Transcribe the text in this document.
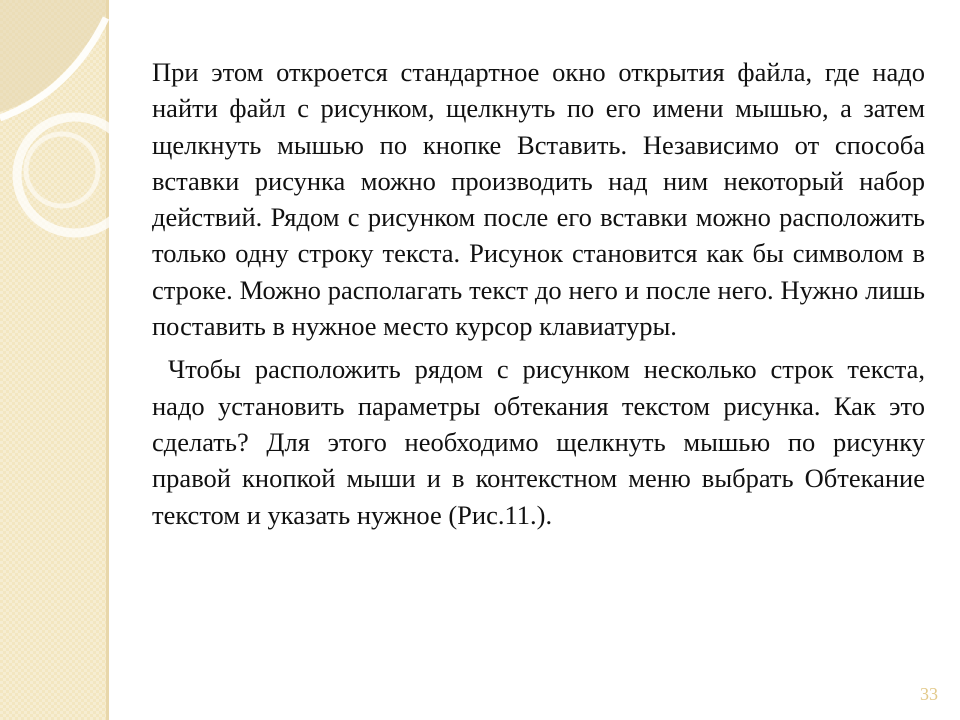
При этом откроется стандартное окно открытия файла, где надо найти файл с рисунком, щелкнуть по его имени мышью, а затем щелкнуть мышью по кнопке Вставить. Независимо от способа вставки рисунка можно производить над ним некоторый набор действий. Рядом с рисунком после его вставки можно расположить только одну строку текста. Рисунок становится как бы символом в строке. Можно располагать текст до него и после него. Нужно лишь поставить в нужное место курсор клавиатуры.

Чтобы расположить рядом с рисунком несколько строк текста, надо установить параметры обтекания текстом рисунка. Как это сделать? Для этого необходимо щелкнуть мышью по рисунку правой кнопкой мыши и в контекстном меню выбрать Обтекание текстом и указать нужное (Рис.11.).

33
